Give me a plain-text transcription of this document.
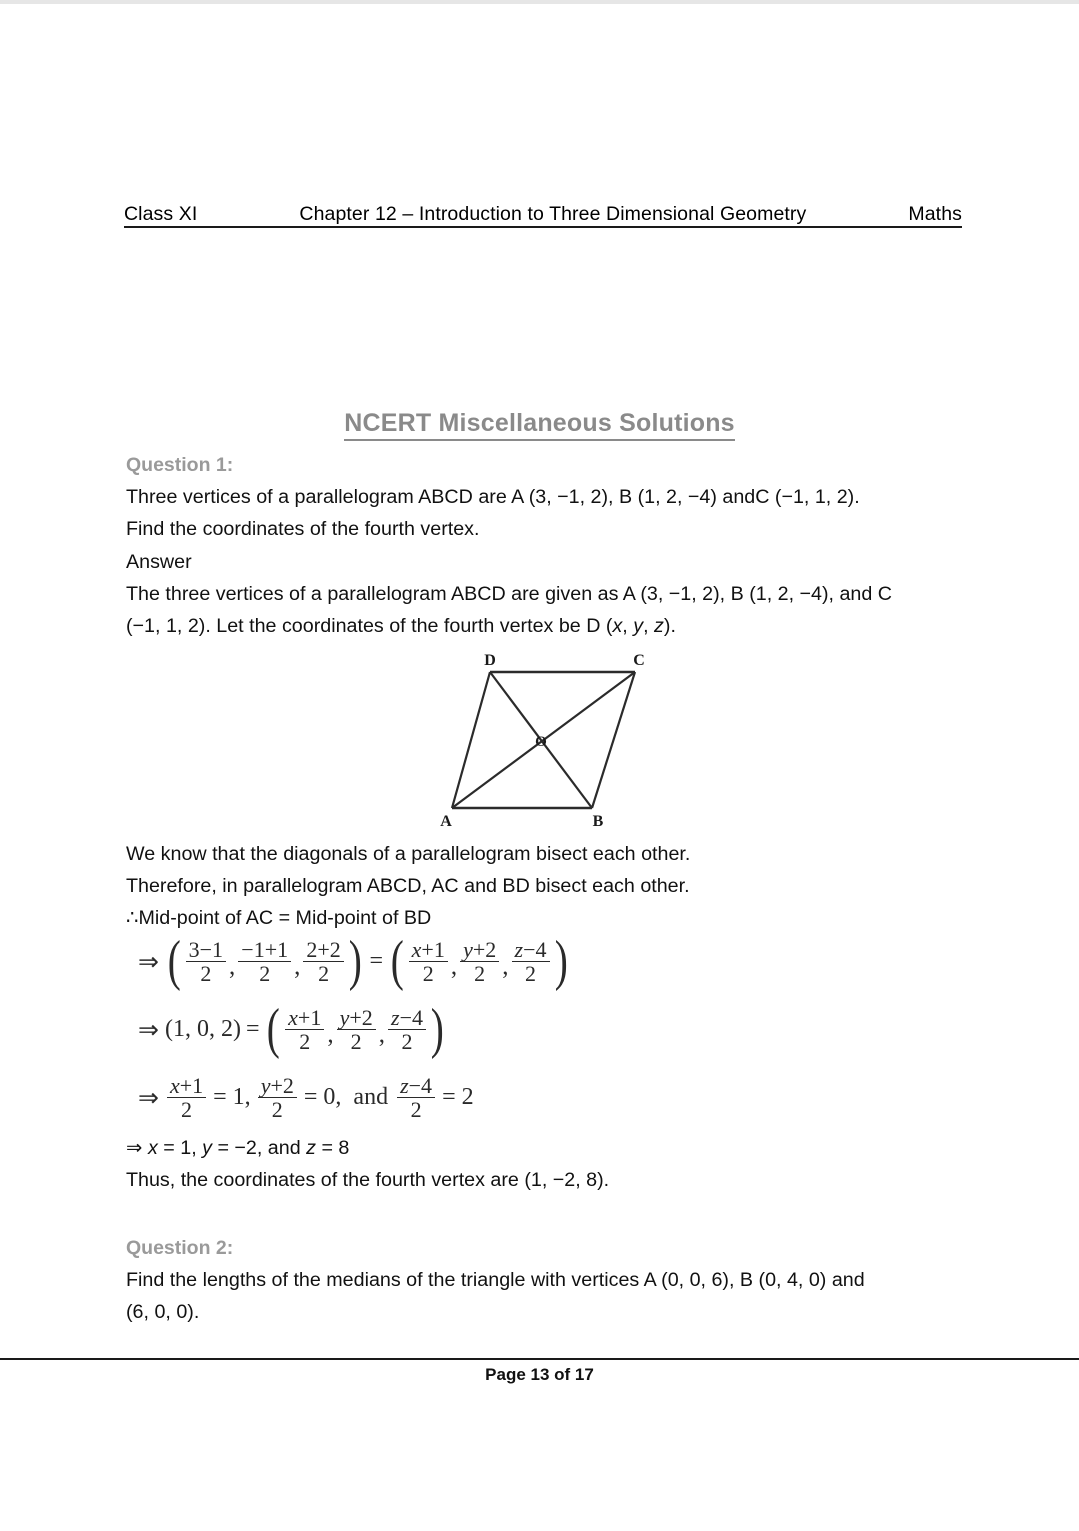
Class XI	Chapter 12 – Introduction to Three Dimensional Geometry	Maths
NCERT Miscellaneous Solutions
Question 1:
Three vertices of a parallelogram ABCD are A (3, −1, 2), B (1, 2, −4) andC (−1, 1, 2).
Find the coordinates of the fourth vertex.
Answer
The three vertices of a parallelogram ABCD are given as A (3, −1, 2), B (1, 2, −4), and C
(−1, 1, 2). Let the coordinates of the fourth vertex be D (x, y, z).
D	C
A	B
O
We know that the diagonals of a parallelogram bisect each other.
Therefore, in parallelogram ABCD, AC and BD bisect each other.
∴Mid-point of AC = Mid-point of BD
⇒ ( $\frac{3-1}{2}$ , $\frac{-1+1}{2}$ , $\frac{2+2}{2}$ ) = ( $\frac{x+1}{2}$ , $\frac{y+2}{2}$ , $\frac{z-4}{2}$ )
⇒ (1, 0, 2) = ( $\frac{x+1}{2}$ , $\frac{y+2}{2}$ , $\frac{z-4}{2}$ )
⇒ $\frac{x+1}{2} = 1$, $\frac{y+2}{2} = 0$, and $\frac{z-4}{2} = 2$
⇒ x = 1, y = −2, and z = 8
Thus, the coordinates of the fourth vertex are (1, −2, 8).
Question 2:
Find the lengths of the medians of the triangle with vertices A (0, 0, 6), B (0, 4, 0) and
(6, 0, 0).
Page 13 of 17
